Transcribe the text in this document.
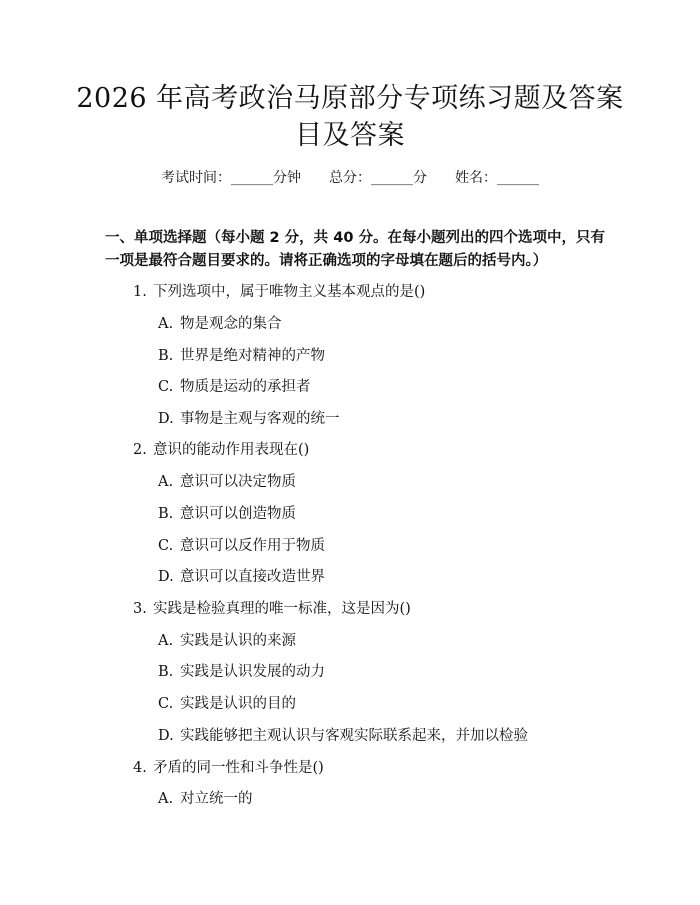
2026 年高考政治马原部分专项练习题及答案
目及答案
考试时间：______分钟 总分：______分 姓名：______
一、单项选择题（每小题 2 分，共 40 分。在每小题列出的四个选项中，只有一项是最符合题目要求的。请将正确选项的字母填在题后的括号内。）
1. 下列选项中，属于唯物主义基本观点的是()
A. 物是观念的集合
B. 世界是绝对精神的产物
C. 物质是运动的承担者
D. 事物是主观与客观的统一
2. 意识的能动作用表现在()
A. 意识可以决定物质
B. 意识可以创造物质
C. 意识可以反作用于物质
D. 意识可以直接改造世界
3. 实践是检验真理的唯一标准，这是因为()
A. 实践是认识的来源
B. 实践是认识发展的动力
C. 实践是认识的目的
D. 实践能够把主观认识与客观实际联系起来，并加以检验
4. 矛盾的同一性和斗争性是()
A. 对立统一的
